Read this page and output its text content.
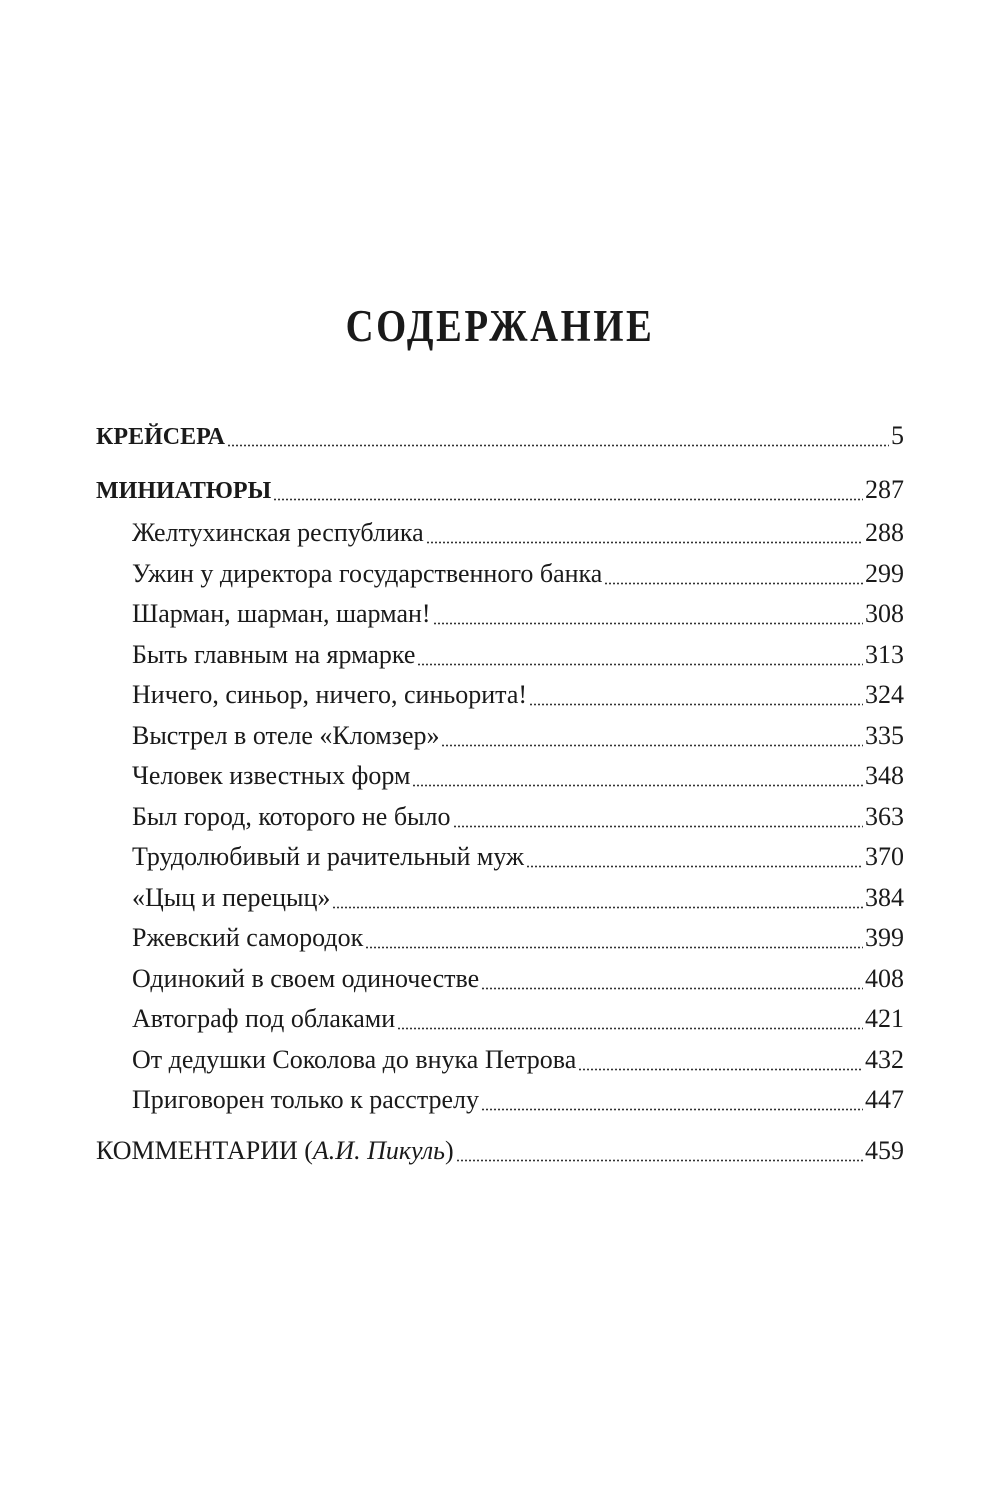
СОДЕРЖАНИЕ
КРЕЙСЕРА	5
МИНИАТЮРЫ	287
Желтухинская республика	288
Ужин у директора государственного банка	299
Шарман, шарман, шарман!	308
Быть главным на ярмарке	313
Ничего, синьор, ничего, синьорита!	324
Выстрел в отеле «Кломзер»	335
Человек известных форм	348
Был город, которого не было	363
Трудолюбивый и рачительный муж	370
«Цыц и перецыц»	384
Ржевский самородок	399
Одинокий в своем одиночестве	408
Автограф под облаками	421
От дедушки Соколова до внука Петрова	432
Приговорен только к расстрелу	447
КОММЕНТАРИИ (А.И. Пикуль)	459
